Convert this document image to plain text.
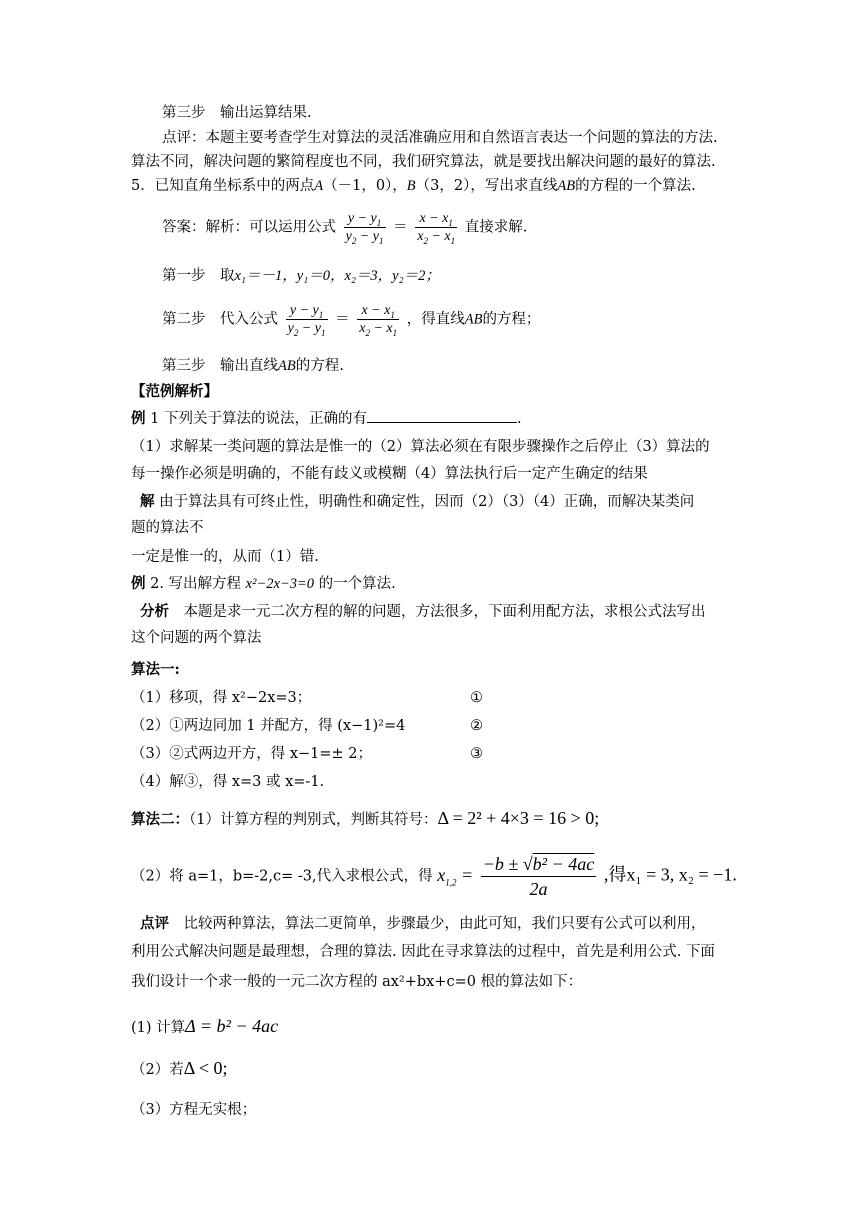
第三步　输出运算结果.
点评：本题主要考查学生对算法的灵活准确应用和自然语言表达一个问题的算法的方法.
算法不同，解决问题的繁简程度也不同，我们研究算法，就是要找出解决问题的最好的算法.
5．已知直角坐标系中的两点A（－1，0），B（3，2），写出求直线AB的方程的一个算法.
答案：解析：可以运用公式 $\frac{y - y_1}{y_2 - y_1} = \frac{x - x_1}{x_2 - x_1}$ 直接求解.
第一步　取x₁＝－1，y₁＝0，x₂＝3，y₂＝2；
第二步　代入公式 $\frac{y - y_1}{y_2 - y_1} = \frac{x - x_1}{x_2 - x_1}$ ，得直线AB的方程；
第三步　输出直线AB的方程.
【范例解析】
例 1 下列关于算法的说法，正确的有	.
（1）求解某一类问题的算法是惟一的（2）算法必须在有限步骤操作之后停止（3）算法的
每一操作必须是明确的，不能有歧义或模糊（4）算法执行后一定产生确定的结果
解 由于算法具有可终止性，明确性和确定性，因而（2）（3）（4）正确，而解决某类问
题的算法不
一定是惟一的，从而（1）错.
例 2. 写出解方程 x²−2x−3=0 的一个算法.
分析　本题是求一元二次方程的解的问题，方法很多，下面利用配方法，求根公式法写出
这个问题的两个算法
算法一:
（1）移项，得 x²−2x=3；
（2）①两边同加 1 并配方，得 (x−1)²=4
（3）②式两边开方，得 x−1=± 2；
（4）解③，得 x=3 或 x=-1.
①
②
③
算法二：（1）计算方程的判别式，判断其符号：Δ = 2² + 4×3 = 16 > 0;
（2）将 a=1，b=-2,c= -3,代入求根公式，得 $x_{1,2} = \frac{\text{−b ± √b² − 4ac}}{2a}$ ,得x₁ = 3, x₂ = −1.
点评　比较两种算法，算法二更简单，步骤最少，由此可知，我们只要有公式可以利用，
利用公式解决问题是最理想，合理的算法. 因此在寻求算法的过程中，首先是利用公式. 下面
我们设计一个求一般的一元二次方程的 ax²+bx+c=0 根的算法如下：
(1) 计算Δ = b² − 4ac
（2）若Δ < 0;
（3）方程无实根；
